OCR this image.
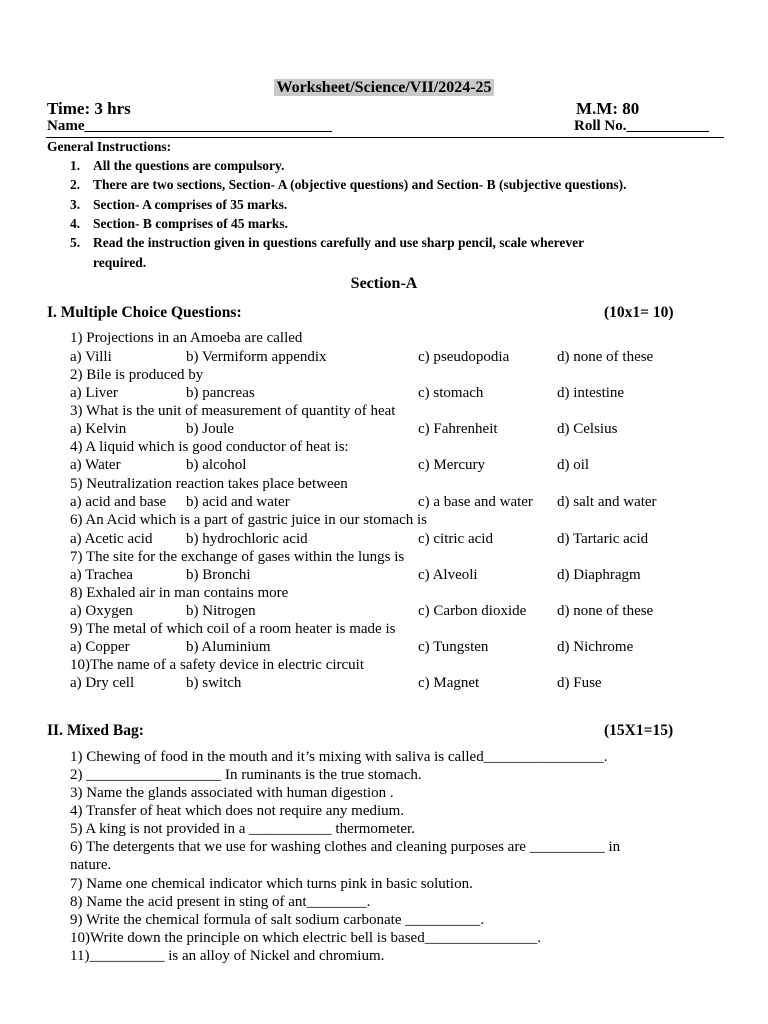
Worksheet/Science/VII/2024-25
Time: 3 hrs	M.M: 80
Name_________________________________	Roll No.___________
General Instructions:
1. All the questions are compulsory.
2. There are two sections, Section- A (objective questions) and Section- B (subjective questions).
3. Section- A comprises of 35 marks.
4. Section- B comprises of 45 marks.
5. Read the instruction given in questions carefully and use sharp pencil, scale wherever
required.
Section-A
I. Multiple Choice Questions:	(10x1= 10)
1) Projections in an Amoeba are called
a) Villi	b) Vermiform appendix	c) pseudopodia	d) none of these
2) Bile is produced by
a) Liver	b) pancreas	c) stomach	d) intestine
3) What is the unit of measurement of quantity of heat
a) Kelvin	b) Joule	c) Fahrenheit	d) Celsius
4) A liquid which is good conductor of heat is:
a) Water	b) alcohol	c) Mercury	d) oil
5) Neutralization reaction takes place between
a) acid and base b) acid and water	c) a base and water d) salt and water
6) An Acid which is a part of gastric juice in our stomach is
a) Acetic acid b) hydrochloric acid	c) citric acid	d) Tartaric acid
7) The site for the exchange of gases within the lungs is
a) Trachea	b) Bronchi	c) Alveoli	d) Diaphragm
8) Exhaled air in man contains more
a) Oxygen	b) Nitrogen	c) Carbon dioxide d) none of these
9) The metal of which coil of a room heater is made is
a) Copper	b) Aluminium	c) Tungsten	d) Nichrome
10)The name of a safety device in electric circuit
a) Dry cell	b) switch	c) Magnet	d) Fuse
II. Mixed Bag:	(15X1=15)
1) Chewing of food in the mouth and it’s mixing with saliva is called________________.
2) __________________ In ruminants is the true stomach.
3) Name the glands associated with human digestion .
4) Transfer of heat which does not require any medium.
5) A king is not provided in a ___________ thermometer.
6) The detergents that we use for washing clothes and cleaning purposes are __________ in
nature.
7) Name one chemical indicator which turns pink in basic solution.
8) Name the acid present in sting of ant________.
9) Write the chemical formula of salt sodium carbonate __________.
10)Write down the principle on which electric bell is based_______________.
11)__________ is an alloy of Nickel and chromium.
